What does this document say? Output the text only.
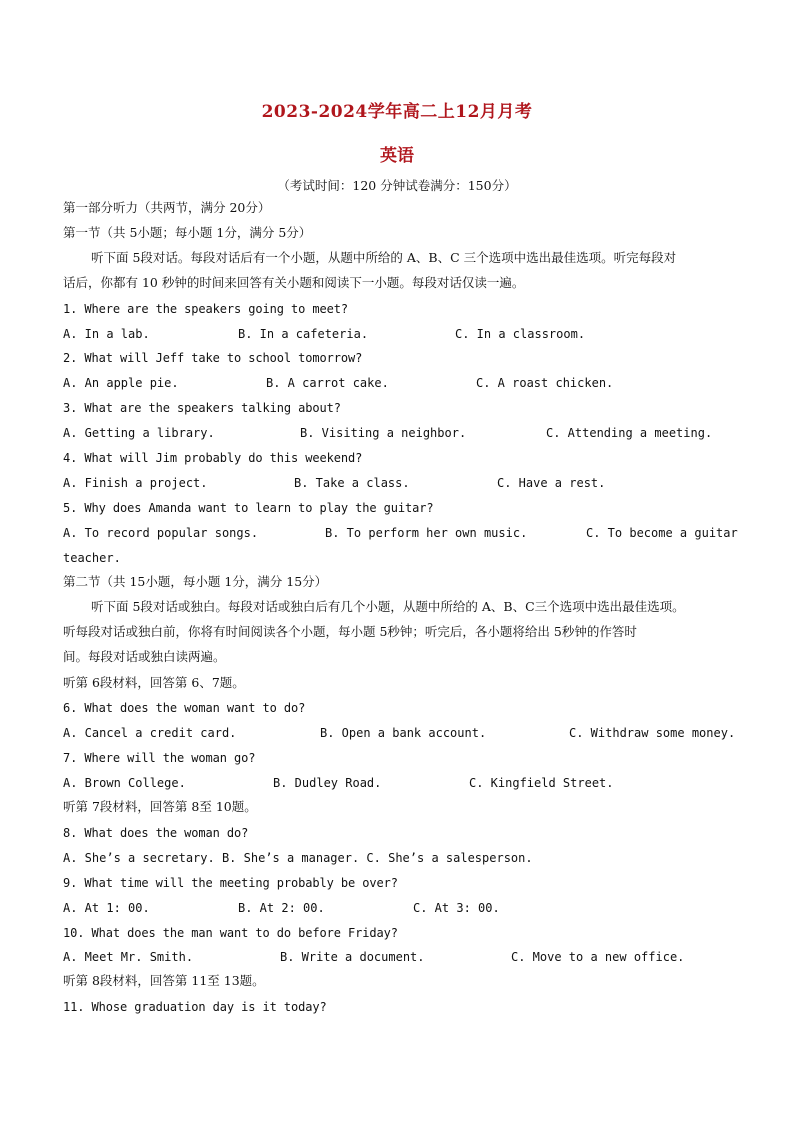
2023-2024学年高二上12月月考
英语
（考试时间：120 分钟试卷满分：150分）
第一部分听力（共两节，满分 20分）
第一节（共 5小题；每小题 1分，满分 5分）
听下面 5段对话。每段对话后有一个小题，从题中所给的 A、B、C 三个选项中选出最佳选项。听完每段对
话后，你都有 10 秒钟的时间来回答有关小题和阅读下一小题。每段对话仅读一遍。
1. Where are the speakers going to meet?
A. In a lab.	B. In a cafeteria.	C. In a classroom.
2. What will Jeff take to school tomorrow?
A. An apple pie.	B. A carrot cake.	C. A roast chicken.
3. What are the speakers talking about?
A. Getting a library.	B. Visiting a neighbor.	C. Attending a meeting.
4. What will Jim probably do this weekend?
A. Finish a project.	B. Take a class.	C. Have a rest.
5. Why does Amanda want to learn to play the guitar?
A. To record popular songs.	B. To perform her own music.	C. To become a guitar
teacher.
第二节（共 15小题，每小题 1分，满分 15分）
听下面 5段对话或独白。每段对话或独白后有几个小题，从题中所给的 A、B、C三个选项中选出最佳选项。
听每段对话或独白前，你将有时间阅读各个小题，每小题 5秒钟；听完后，各小题将给出 5秒钟的作答时
间。每段对话或独白读两遍。
听第 6段材料，回答第 6、7题。
6. What does the woman want to do?
A. Cancel a credit card.	B. Open a bank account.	C. Withdraw some money.
7. Where will the woman go?
A. Brown College.	B. Dudley Road.	C. Kingfield Street.
听第 7段材料，回答第 8至 10题。
8. What does the woman do?
A. She’s a secretary. B. She’s a manager. C. She’s a salesperson.
9. What time will the meeting probably be over?
A. At 1: 00.	B. At 2: 00.	C. At 3: 00.
10. What does the man want to do before Friday?
A. Meet Mr. Smith.	B. Write a document.	C. Move to a new office.
听第 8段材料，回答第 11至 13题。
11. Whose graduation day is it today?
